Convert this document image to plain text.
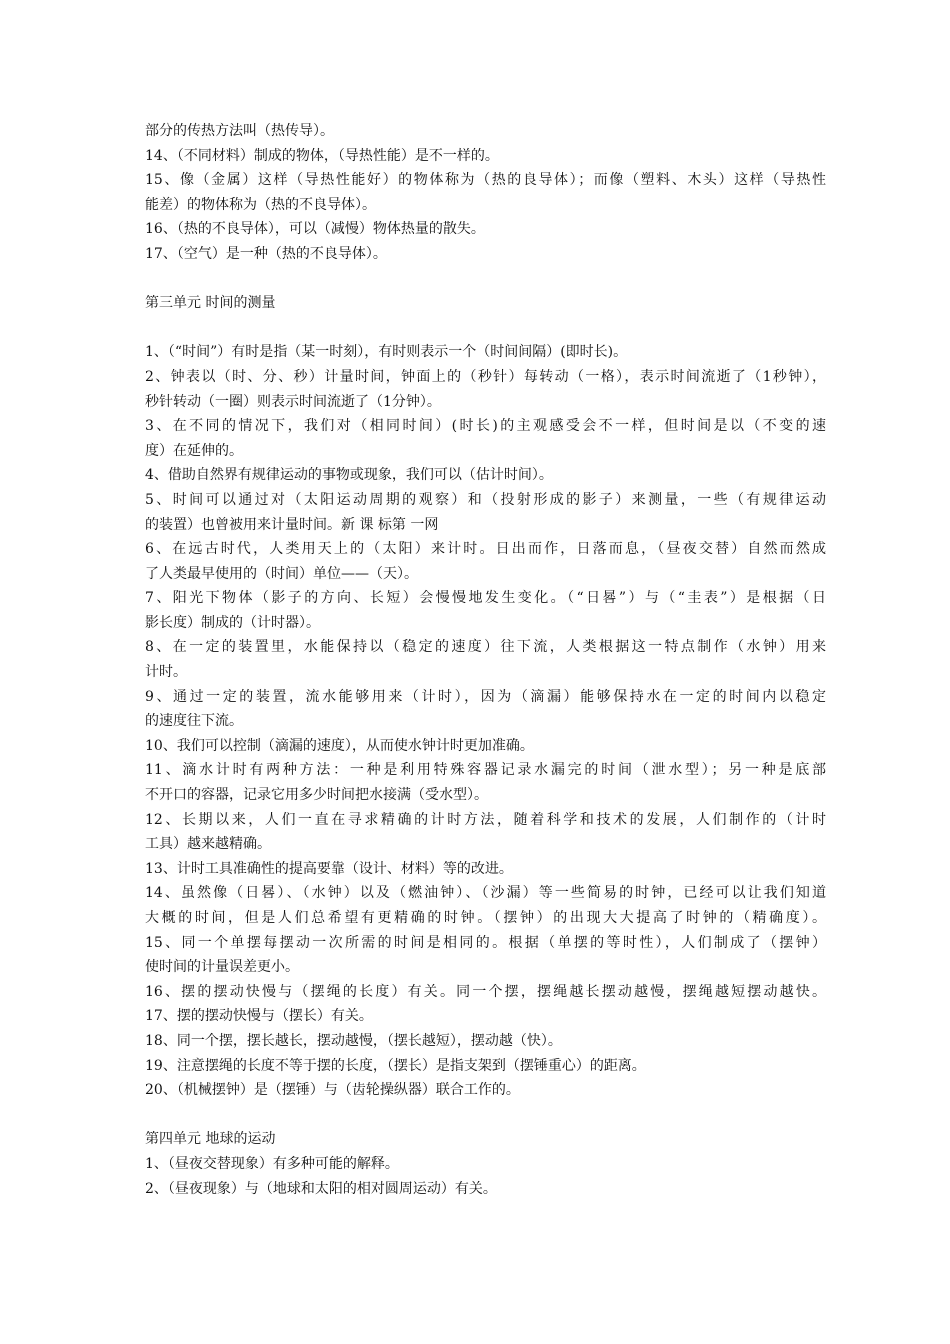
部分的传热方法叫（热传导）。
14、（不同材料）制成的物体，（导热性能）是不一样的。
15、像（金属）这样（导热性能好）的物体称为（热的良导体）；而像（塑料、木头）这样（导热性
能差）的物体称为（热的不良导体）。
16、（热的不良导体），可以（减慢）物体热量的散失。
17、（空气）是一种（热的不良导体）。
第三单元 时间的测量
1、（“时间”）有时是指（某一时刻），有时则表示一个（时间间隔）(即时长)。
2、钟表以（时、分、秒）计量时间，钟面上的（秒针）每转动（一格），表示时间流逝了（1秒钟），
秒针转动（一圈）则表示时间流逝了（1分钟）。
3、在不同的情况下，我们对（相同时间）(时长)的主观感受会不一样，但时间是以（不变的速
度）在延伸的。
4、借助自然界有规律运动的事物或现象，我们可以（估计时间）。
5、时间可以通过对（太阳运动周期的观察）和（投射形成的影子）来测量，一些（有规律运动
的装置）也曾被用来计量时间。新 课 标第 一网
6、在远古时代，人类用天上的（太阳）来计时。日出而作，日落而息，（昼夜交替）自然而然成
了人类最早使用的（时间）单位——（天）。
7、阳光下物体（影子的方向、长短）会慢慢地发生变化。（“日晷”）与（“圭表”）是根据（日
影长度）制成的（计时器）。
8、在一定的装置里，水能保持以（稳定的速度）往下流，人类根据这一特点制作（水钟）用来
计时。
9、通过一定的装置，流水能够用来（计时），因为（滴漏）能够保持水在一定的时间内以稳定
的速度往下流。
10、我们可以控制（滴漏的速度），从而使水钟计时更加准确。
11、滴水计时有两种方法：一种是利用特殊容器记录水漏完的时间（泄水型）；另一种是底部
不开口的容器，记录它用多少时间把水接满（受水型）。
12、长期以来，人们一直在寻求精确的计时方法，随着科学和技术的发展，人们制作的（计时
工具）越来越精确。
13、计时工具准确性的提高要靠（设计、材料）等的改进。
14、虽然像（日晷）、（水钟）以及（燃油钟）、（沙漏）等一些简易的时钟，已经可以让我们知道
大概的时间，但是人们总希望有更精确的时钟。（摆钟）的出现大大提高了时钟的（精确度）。
15、同一个单摆每摆动一次所需的时间是相同的。根据（单摆的等时性），人们制成了（摆钟）
使时间的计量误差更小。
16、摆的摆动快慢与（摆绳的长度）有关。同一个摆，摆绳越长摆动越慢，摆绳越短摆动越快。
17、摆的摆动快慢与（摆长）有关。
18、同一个摆，摆长越长，摆动越慢，（摆长越短），摆动越（快）。
19、注意摆绳的长度不等于摆的长度，（摆长）是指支架到（摆锤重心）的距离。
20、（机械摆钟）是（摆锤）与（齿轮操纵器）联合工作的。
第四单元 地球的运动
1、（昼夜交替现象）有多种可能的解释。
2、（昼夜现象）与（地球和太阳的相对圆周运动）有关。
